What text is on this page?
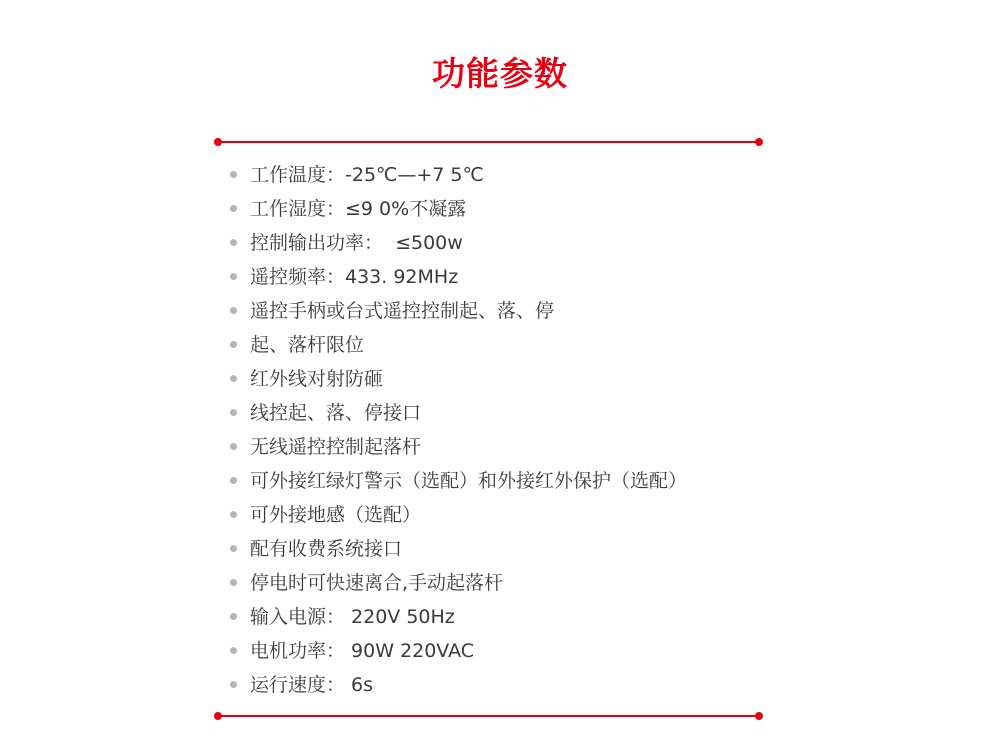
功能参数
工作温度：-25℃—+7 5℃
工作湿度：≤9 0%不凝露
控制输出功率：  ≤500w
遥控频率：433. 92MHz
遥控手柄或台式遥控控制起、落、停
起、落杆限位
红外线对射防砸
线控起、落、停接口
无线遥控控制起落杆
可外接红绿灯警示（选配）和外接红外保护（选配）
可外接地感（选配）
配有收费系统接口
停电时可快速离合,手动起落杆
输入电源： 220V 50Hz
电机功率： 90W 220VAC
运行速度： 6s
